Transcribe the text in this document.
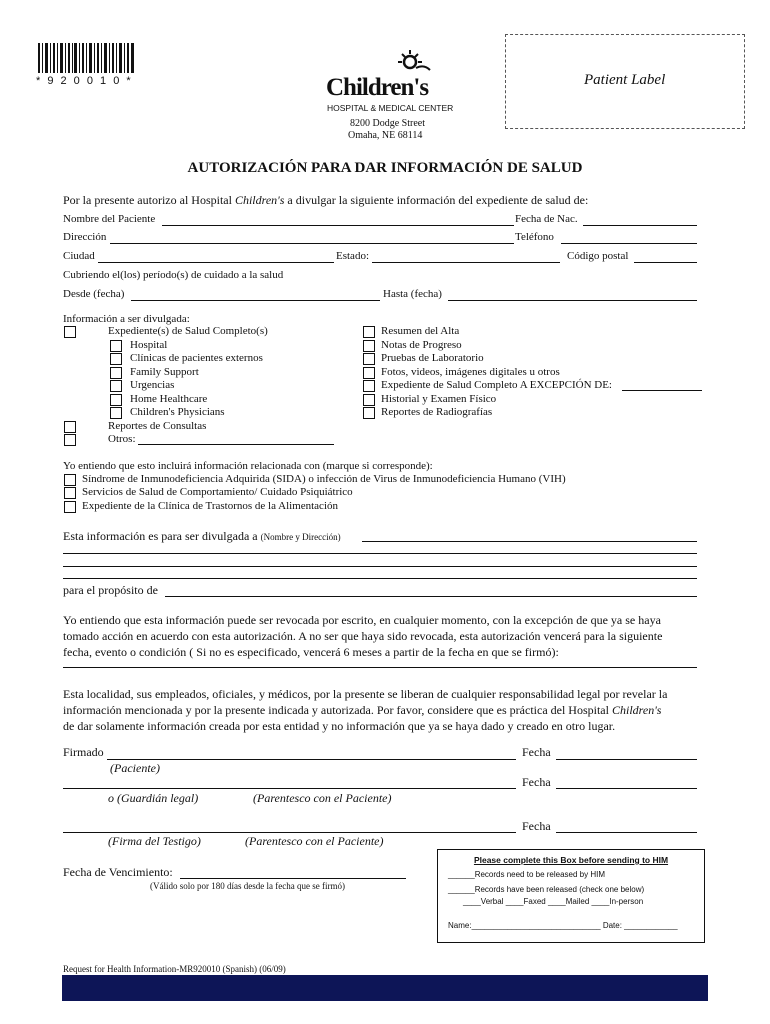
* 9 2 0 0 1 0 *	Children's
HOSPITAL & MEDICAL CENTER
8200 Dodge Street
Omaha, NE 68114
Patient Label
AUTORIZACIÓN PARA DAR INFORMACIÓN DE SALUD
Por la presente autorizo al Hospital Children's a divulgar la siguiente información del expediente de salud de:
Nombre del Paciente	Fecha de Nac.
Dirección	Teléfono
Ciudad	Estado:	Código postal
Cubriendo el(los) período(s) de cuidado a la salud
Desde (fecha)	Hasta (fecha)
Información a ser divulgada:
Expediente(s) de Salud Completo(s)
Hospital
Clínicas de pacientes externos
Family Support
Urgencias
Home Healthcare
Children's Physicians
Reportes de Consultas
Otros:
Resumen del Alta
Notas de Progreso
Pruebas de Laboratorio
Fotos, videos, imágenes digitales u otros
Expediente de Salud Completo A EXCEPCIÓN DE:
Historial y Examen Físico
Reportes de Radiografías
Yo entiendo que esto incluirá información relacionada con (marque si corresponde):
Síndrome de Inmunodeficiencia Adquirida (SIDA) o infección de Virus de Inmunodeficiencia Humano (VIH)
Servicios de Salud de Comportamiento/ Cuidado Psiquiátrico
Expediente de la Clínica de Trastornos de la Alimentación
Esta información es para ser divulgada a (Nombre y Dirección)
para el propósito de
Yo entiendo que esta información puede ser revocada por escrito, en cualquier momento, con la excepción de que ya se haya
tomado acción en acuerdo con esta autorización. A no ser que haya sido revocada, esta autorización vencerá para la siguiente
fecha, evento o condición ( Si no es especificado, vencerá 6 meses a partir de la fecha en que se firmó):
Esta localidad, sus empleados, oficiales, y médicos, por la presente se liberan de cualquier responsabilidad legal por revelar la
información mencionada y por la presente indicada y autorizada. Por favor, considere que es práctica del Hospital Children's
de dar solamente información creada por esta entidad y no información que ya se haya dado y creado en otro lugar.
Firmado	Fecha
(Paciente)
Fecha
o (Guardián legal)	(Parentesco con el Paciente)
Fecha
(Firma del Testigo)	(Parentesco con el Paciente)
Fecha de Vencimiento:
(Válido solo por 180 días desde la fecha que se firmó)
Please complete this Box before sending to HIM
______Records need to be released by HIM
______Records have been released (check one below)
____Verbal ____Faxed ____Mailed ____In-person
Name:_____________________________ Date: ____________
Request for Health Information-MR920010 (Spanish) (06/09)
